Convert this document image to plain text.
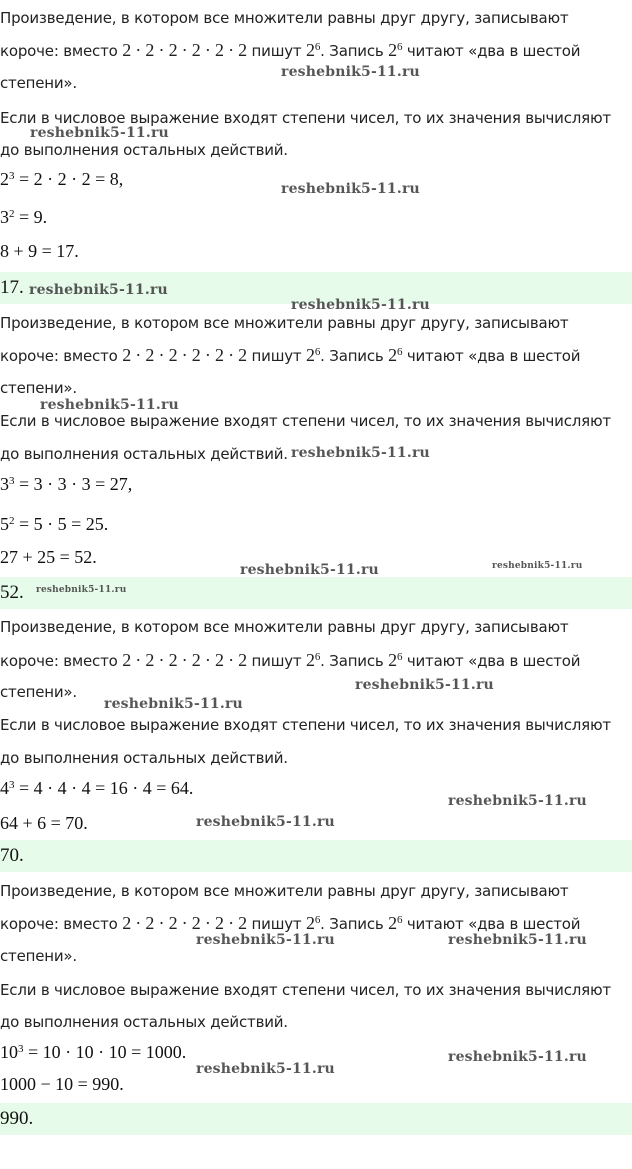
Произведение, в котором все множители равны друг другу, записывают
короче: вместо 2 · 2 · 2 · 2 · 2 · 2 пишут $2^6$. Запись $2^6$ читают «два в шестой
степени».
Если в числовое выражение входят степени чисел, то их значения вычисляют
до выполнения остальных действий.
$2^3 = 2 \cdot 2 \cdot 2 = 8$,
$3^2 = 9$.
8 + 9 = 17.
17.
Произведение, в котором все множители равны друг другу, записывают
короче: вместо 2 · 2 · 2 · 2 · 2 · 2 пишут $2^6$. Запись $2^6$ читают «два в шестой
степени».
Если в числовое выражение входят степени чисел, то их значения вычисляют
до выполнения остальных действий.
$3^3 = 3 \cdot 3 \cdot 3 = 27$,
$5^2 = 5 \cdot 5 = 25$.
27 + 25 = 52.
52.
Произведение, в котором все множители равны друг другу, записывают
короче: вместо 2 · 2 · 2 · 2 · 2 · 2 пишут $2^6$. Запись $2^6$ читают «два в шестой
степени».
Если в числовое выражение входят степени чисел, то их значения вычисляют
до выполнения остальных действий.
$4^3 = 4 \cdot 4 \cdot 4 = 16 \cdot 4 = 64$.
64 + 6 = 70.
70.
Произведение, в котором все множители равны друг другу, записывают
короче: вместо 2 · 2 · 2 · 2 · 2 · 2 пишут $2^6$. Запись $2^6$ читают «два в шестой
степени».
Если в числовое выражение входят степени чисел, то их значения вычисляют
до выполнения остальных действий.
$10^3 = 10 \cdot 10 \cdot 10 = 1000$.
1000 − 10 = 990.
990.
reshebnik5-11.ru
reshebnik5-11.ru
reshebnik5-11.ru
reshebnik5-11.ru
reshebnik5-11.ru
reshebnik5-11.ru
reshebnik5-11.ru
reshebnik5-11.ru	reshebnik5-11.ru
reshebnik5-11.ru
reshebnik5-11.ru
reshebnik5-11.ru
reshebnik5-11.ru
reshebnik5-11.ru
reshebnik5-11.ru	reshebnik5-11.ru
reshebnik5-11.ru
reshebnik5-11.ru
